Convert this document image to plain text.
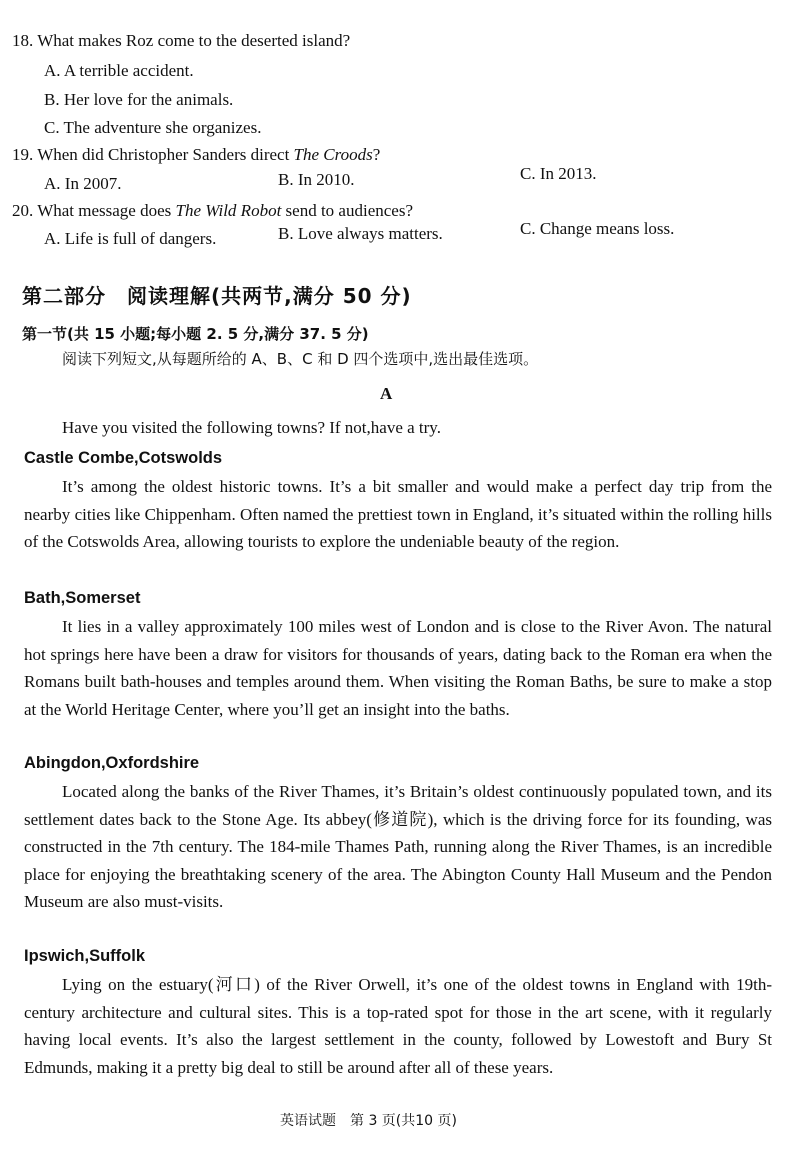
18. What makes Roz come to the deserted island?
A. A terrible accident.
B. Her love for the animals.
C. The adventure she organizes.
19. When did Christopher Sanders direct The Croods?
A. In 2007.	B. In 2010.	C. In 2013.
20. What message does The Wild Robot send to audiences?
A. Life is full of dangers.	B. Love always matters.	C. Change means loss.
第二部分　阅读理解(共两节,满分 50 分)
第一节(共 15 小题;每小题 2. 5 分,满分 37. 5 分)
阅读下列短文,从每题所给的 A、B、C 和 D 四个选项中,选出最佳选项。
A
Have you visited the following towns? If not,have a try.
Castle Combe,Cotswolds
It’s among the oldest historic towns. It’s a bit smaller and would make a perfect day trip from the nearby cities like Chippenham. Often named the prettiest town in England, it’s situated within the rolling hills of the Cotswolds Area, allowing tourists to explore the undeniable beauty of the region.
Bath,Somerset
It lies in a valley approximately 100 miles west of London and is close to the River Avon. The natural hot springs here have been a draw for visitors for thousands of years, dating back to the Roman era when the Romans built bath-houses and temples around them. When visiting the Roman Baths, be sure to make a stop at the World Heritage Center, where you’ll get an insight into the baths.
Abingdon,Oxfordshire
Located along the banks of the River Thames, it’s Britain’s oldest continuously populated town, and its settlement dates back to the Stone Age. Its abbey(修道院), which is the driving force for its founding, was constructed in the 7th century. The 184-mile Thames Path, running along the River Thames, is an incredible place for enjoying the breathtaking scenery of the area. The Abington County Hall Museum and the Pendon Museum are also must-visits.
Ipswich,Suffolk
Lying on the estuary(河口) of the River Orwell, it’s one of the oldest towns in England with 19th-century architecture and cultural sites. This is a top-rated spot for those in the art scene, with it regularly having local events. It’s also the largest settlement in the county, followed by Lowestoft and Bury St Edmunds, making it a pretty big deal to still be around after all of these years.
英语试题　第 3 页(共10 页)
